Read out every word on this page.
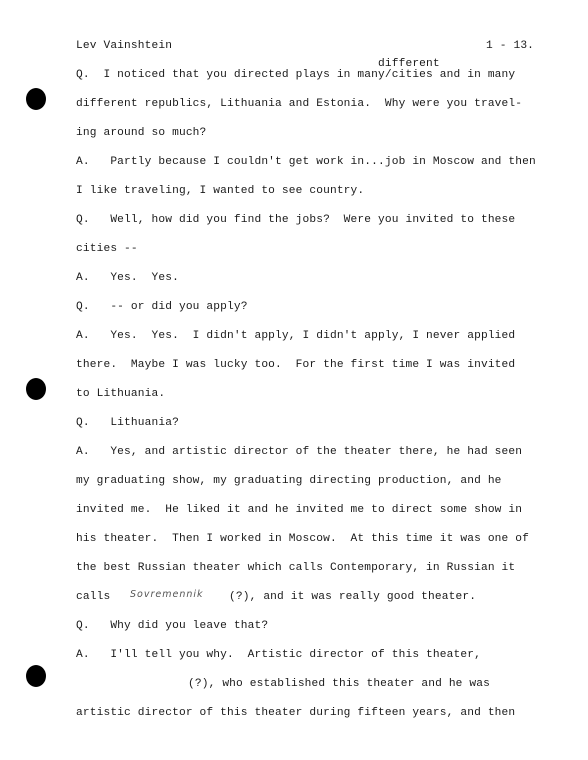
Lev Vainshtein	1 - 13.
different
Q.  I noticed that you directed plays in many/cities and in many
different republics, Lithuania and Estonia.  Why were you travel-
ing around so much?
A.   Partly because I couldn't get work in...job in Moscow and then
I like traveling, I wanted to see country.
Q.   Well, how did you find the jobs?  Were you invited to these
cities --
A.   Yes.  Yes.
Q.   -- or did you apply?
A.   Yes.  Yes.  I didn't apply, I didn't apply, I never applied
there.  Maybe I was lucky too.  For the first time I was invited
to Lithuania.
Q.   Lithuania?
A.   Yes, and artistic director of the theater there, he had seen
my graduating show, my graduating directing production, and he
invited me.  He liked it and he invited me to direct some show in
his theater.  Then I worked in Moscow.  At this time it was one of
the best Russian theater which calls Contemporary, in Russian it
calls Sovremennik (?), and it was really good theater.
Q.   Why did you leave that?
A.   I'll tell you why.  Artistic director of this theater,
(?), who established this theater and he was
artistic director of this theater during fifteen years, and then
